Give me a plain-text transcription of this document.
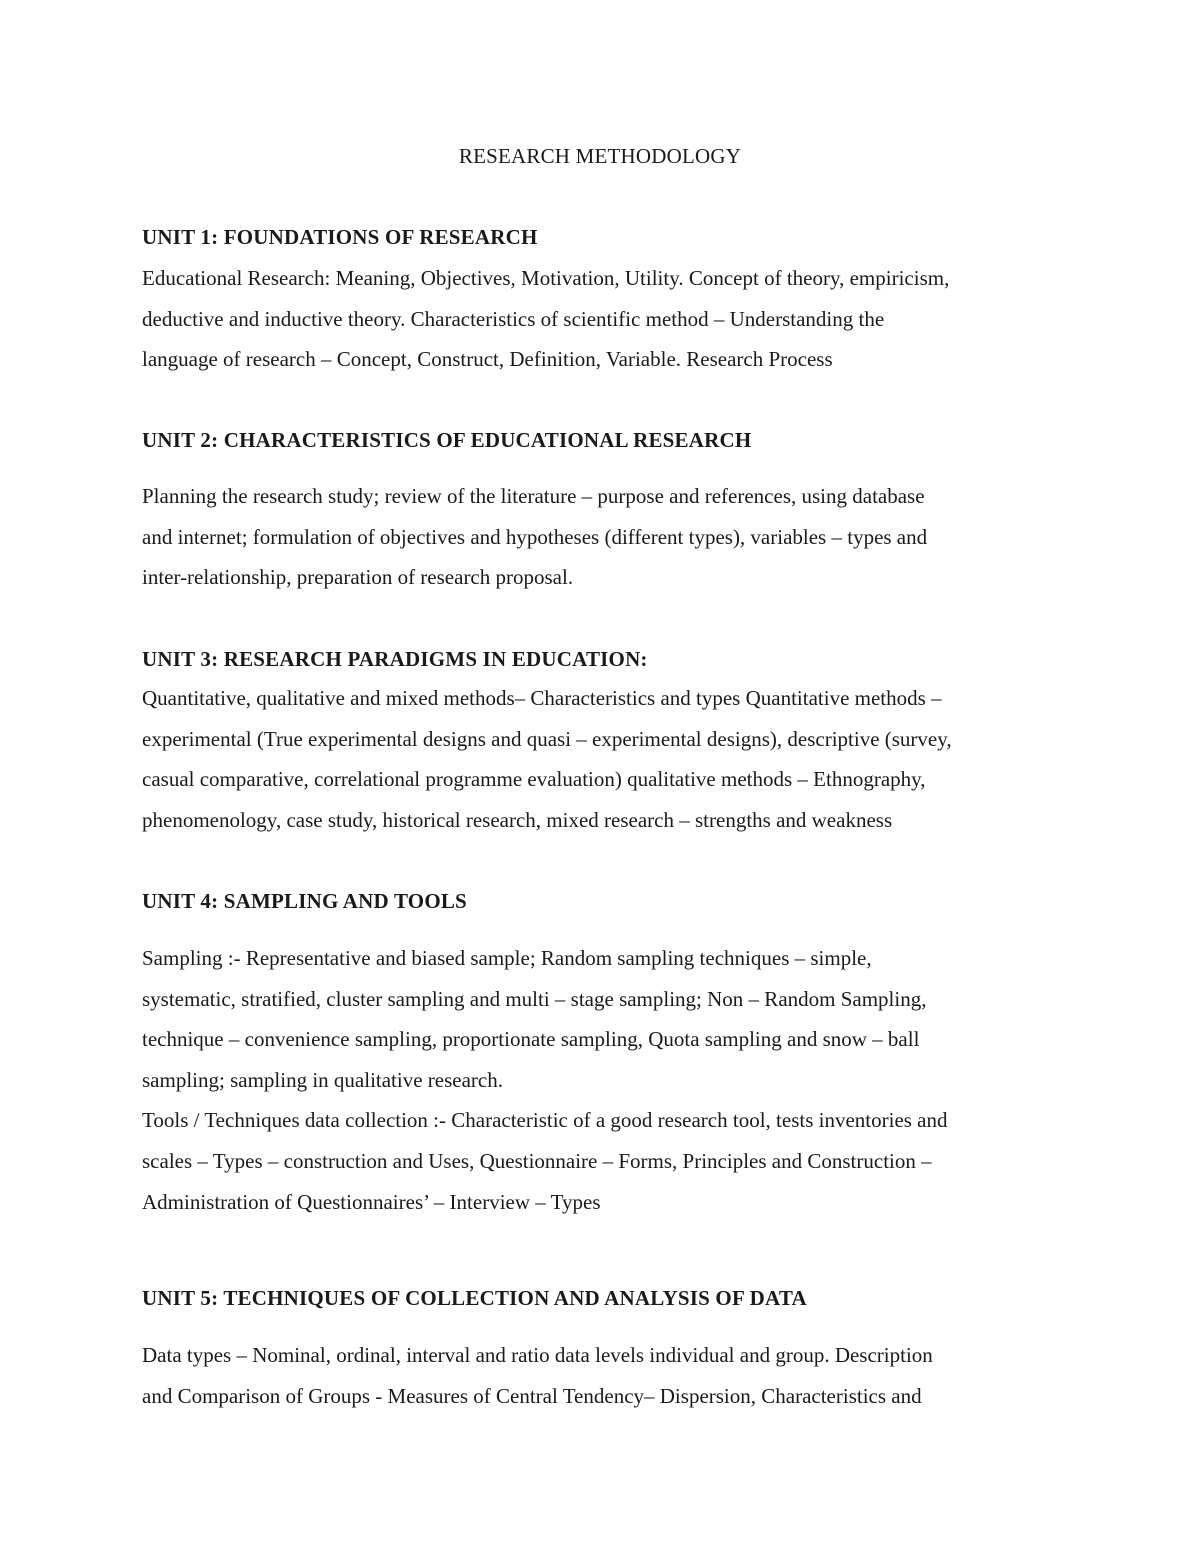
RESEARCH METHODOLOGY
UNIT 1: FOUNDATIONS OF RESEARCH
Educational Research: Meaning, Objectives, Motivation, Utility. Concept of theory, empiricism,
deductive and inductive theory. Characteristics of scientific method – Understanding the
language of research – Concept, Construct, Definition, Variable. Research Process
UNIT 2: CHARACTERISTICS OF EDUCATIONAL RESEARCH
Planning the research study; review of the literature – purpose and references, using database
and internet; formulation of objectives and hypotheses (different types), variables – types and
inter-relationship, preparation of research proposal.
UNIT 3: RESEARCH PARADIGMS IN EDUCATION:
Quantitative, qualitative and mixed methods– Characteristics and types Quantitative methods –
experimental (True experimental designs and quasi – experimental designs), descriptive (survey,
casual comparative, correlational programme evaluation) qualitative methods – Ethnography,
phenomenology, case study, historical research, mixed research – strengths and weakness
UNIT 4: SAMPLING AND TOOLS
Sampling :- Representative and biased sample; Random sampling techniques – simple,
systematic, stratified, cluster sampling and multi – stage sampling; Non – Random Sampling,
technique – convenience sampling, proportionate sampling, Quota sampling and snow – ball
sampling; sampling in qualitative research.
Tools / Techniques data collection :- Characteristic of a good research tool, tests inventories and
scales – Types – construction and Uses, Questionnaire – Forms, Principles and Construction –
Administration of Questionnaires’ – Interview – Types
UNIT 5: TECHNIQUES OF COLLECTION AND ANALYSIS OF DATA
Data types – Nominal, ordinal, interval and ratio data levels individual and group. Description
and Comparison of Groups - Measures of Central Tendency– Dispersion, Characteristics and
